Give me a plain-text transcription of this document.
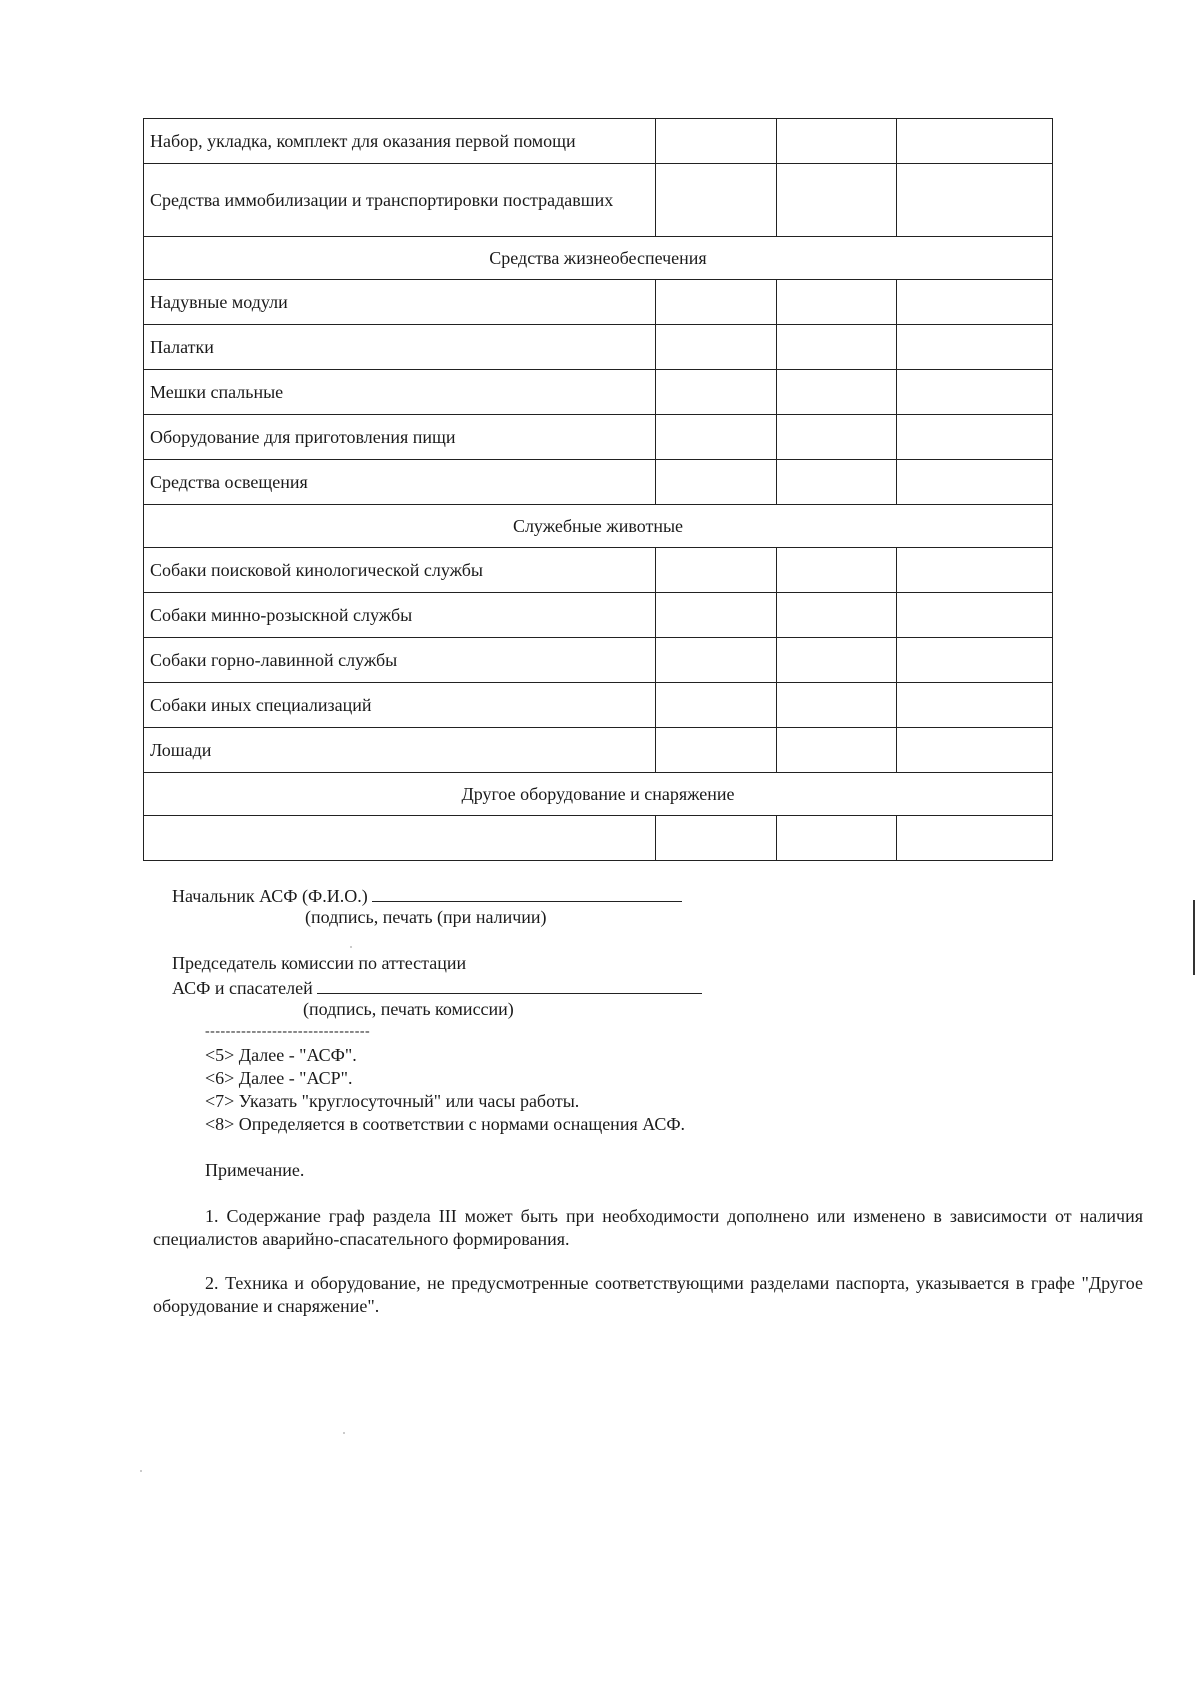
Набор, укладка, комплект для оказания первой помощи			

Средства иммобилизации и транспортировки пострадавших			

Средства жизнеобеспечения			

Надувные модули			

Палатки			

Мешки спальные			

Оборудование для приготовления пищи			

Средства освещения			

Служебные животные			

Собаки поисковой кинологической службы			

Собаки минно-розыскной службы			

Собаки горно-лавинной службы			

Собаки иных специализаций			

Лошади			

Другое оборудование и снаряжение			

Начальник АСФ (Ф.И.О.)
(подпись, печать (при наличии)
Председатель комиссии по аттестации
АСФ и спасателей
(подпись, печать комиссии)
--------------------------------
<5> Далее - "АСФ".
<6> Далее - "АСР".
<7> Указать "круглосуточный" или часы работы.
<8> Определяется в соответствии с нормами оснащения АСФ.
Примечание.
1. Содержание граф раздела III может быть при необходимости дополнено или изменено в зависимости от наличия специалистов аварийно-спасательного формирования.
2. Техника и оборудование, не предусмотренные соответствующими разделами паспорта, указывается в графе "Другое оборудование и снаряжение".
